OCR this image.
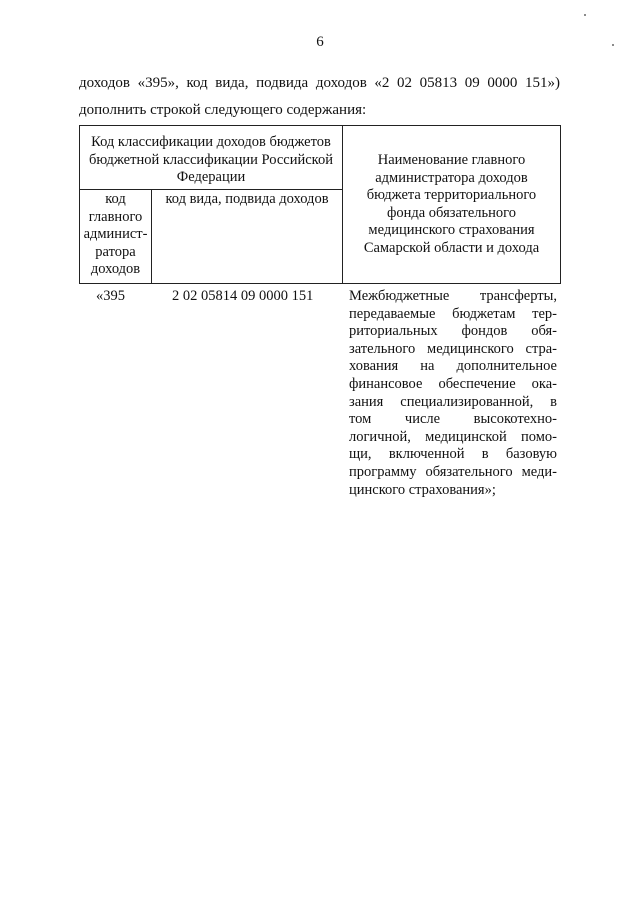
6
доходов «395», код вида, подвида доходов «2 02 05813 09 0000 151»)
дополнить строкой следующего содержания:
Код классификации доходов бюджетов бюджетной классификации Российской Федерации		Наименование главного администратора доходов бюджета территориального фонда обязательного медицинского страхования Самарской области и дохода
код главного админист-ратора доходов	код вида, подвида доходов	
«395	2 02 05814 09 0000 151 Межбюджетные трансферты,
передаваемые бюджетам тер-
риториальных фондов обя-
зательного медицинского стра-
хования на дополнительное
финансовое обеспечение ока-
зания специализированной, в
том числе высокотехно-
логичной, медицинской помо-
щи, включенной в базовую
программу обязательного меди-
цинского страхования»;
